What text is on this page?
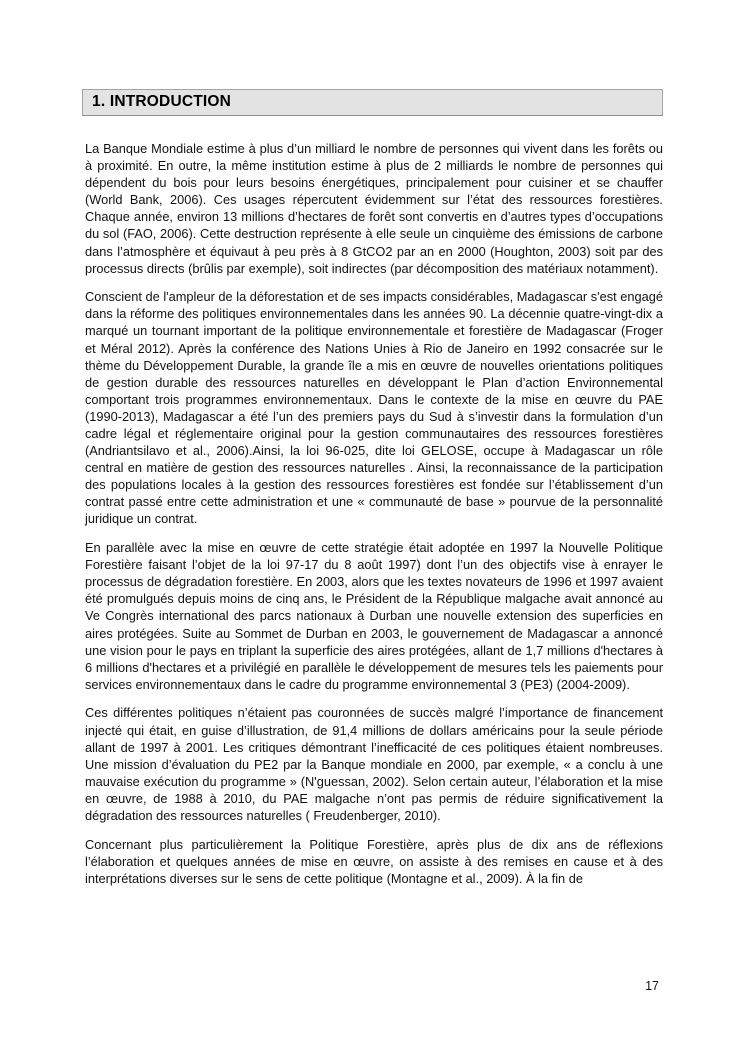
1. INTRODUCTION

La Banque Mondiale estime à plus d’un milliard le nombre de personnes qui vivent dans les forêts ou à proximité. En outre, la même institution estime à plus de 2 milliards le nombre de personnes qui dépendent du bois pour leurs besoins énergétiques, principalement pour cuisiner et se chauffer (World Bank, 2006). Ces usages répercutent évidemment sur l’état des ressources forestières. Chaque année, environ 13 millions d’hectares de forêt sont convertis en d’autres types d’occupations du sol (FAO, 2006). Cette destruction représente à elle seule un cinquième des émissions de carbone dans l’atmosphère et équivaut à peu près à 8 GtCO2 par an en 2000 (Houghton, 2003) soit par des processus directs (brûlis par exemple), soit indirectes (par décomposition des matériaux notamment).

Conscient de l'ampleur de la déforestation et de ses impacts considérables, Madagascar s'est engagé dans la réforme des politiques environnementales dans les années 90. La décennie quatre-vingt-dix a marqué un tournant important de la politique environnementale et forestière de Madagascar (Froger et Méral 2012). Après la conférence des Nations Unies à Rio de Janeiro en 1992 consacrée sur le thème du Développement Durable, la grande île a mis en œuvre de nouvelles orientations politiques de gestion durable des ressources naturelles en développant le Plan d’action Environnemental comportant trois programmes environnementaux. Dans le contexte de la mise en œuvre du PAE (1990-2013), Madagascar a été l’un des premiers pays du Sud à s’investir dans la formulation d’un cadre légal et réglementaire original pour la gestion communautaires des ressources forestières (Andriantsilavo et al., 2006).Ainsi, la loi 96-025, dite loi GELOSE, occupe à Madagascar un rôle central en matière de gestion des ressources naturelles . Ainsi, la reconnaissance de la participation des populations locales à la gestion des ressources forestières est fondée sur l’établissement d’un contrat passé entre cette administration et une « communauté de base » pourvue de la personnalité juridique un contrat.

En parallèle avec la mise en œuvre de cette stratégie était adoptée en 1997 la Nouvelle Politique Forestière faisant l’objet de la loi 97-17 du 8 août 1997) dont l’un des objectifs vise à enrayer le processus de dégradation forestière. En 2003, alors que les textes novateurs de 1996 et 1997 avaient été promulgués depuis moins de cinq ans, le Président de la République malgache avait annoncé au Ve Congrès international des parcs nationaux à Durban une nouvelle extension des superficies en aires protégées. Suite au Sommet de Durban en 2003, le gouvernement de Madagascar a annoncé une vision pour le pays en triplant la superficie des aires protégées, allant de 1,7 millions d'hectares à 6 millions d'hectares et a privilégié en parallèle le développement de mesures tels les paiements pour services environnementaux dans le cadre du programme environnemental 3 (PE3) (2004-2009).

Ces différentes politiques n’étaient pas couronnées de succès malgré l’importance de financement injecté qui était, en guise d’illustration, de 91,4 millions de dollars américains pour la seule période allant de 1997 à 2001. Les critiques démontrant l’inefficacité de ces politiques étaient nombreuses. Une mission d’évaluation du PE2 par la Banque mondiale en 2000, par exemple, « a conclu à une mauvaise exécution du programme » (N'guessan, 2002). Selon certain auteur, l’élaboration et la mise en œuvre, de 1988 à 2010, du PAE malgache n’ont pas permis de réduire significativement la dégradation des ressources naturelles ( Freudenberger, 2010).

Concernant plus particulièrement la Politique Forestière, après plus de dix ans de réflexions l’élaboration et quelques années de mise en œuvre, on assiste à des remises en cause et à des interprétations diverses sur le sens de cette politique (Montagne et al., 2009). À la fin de

17
